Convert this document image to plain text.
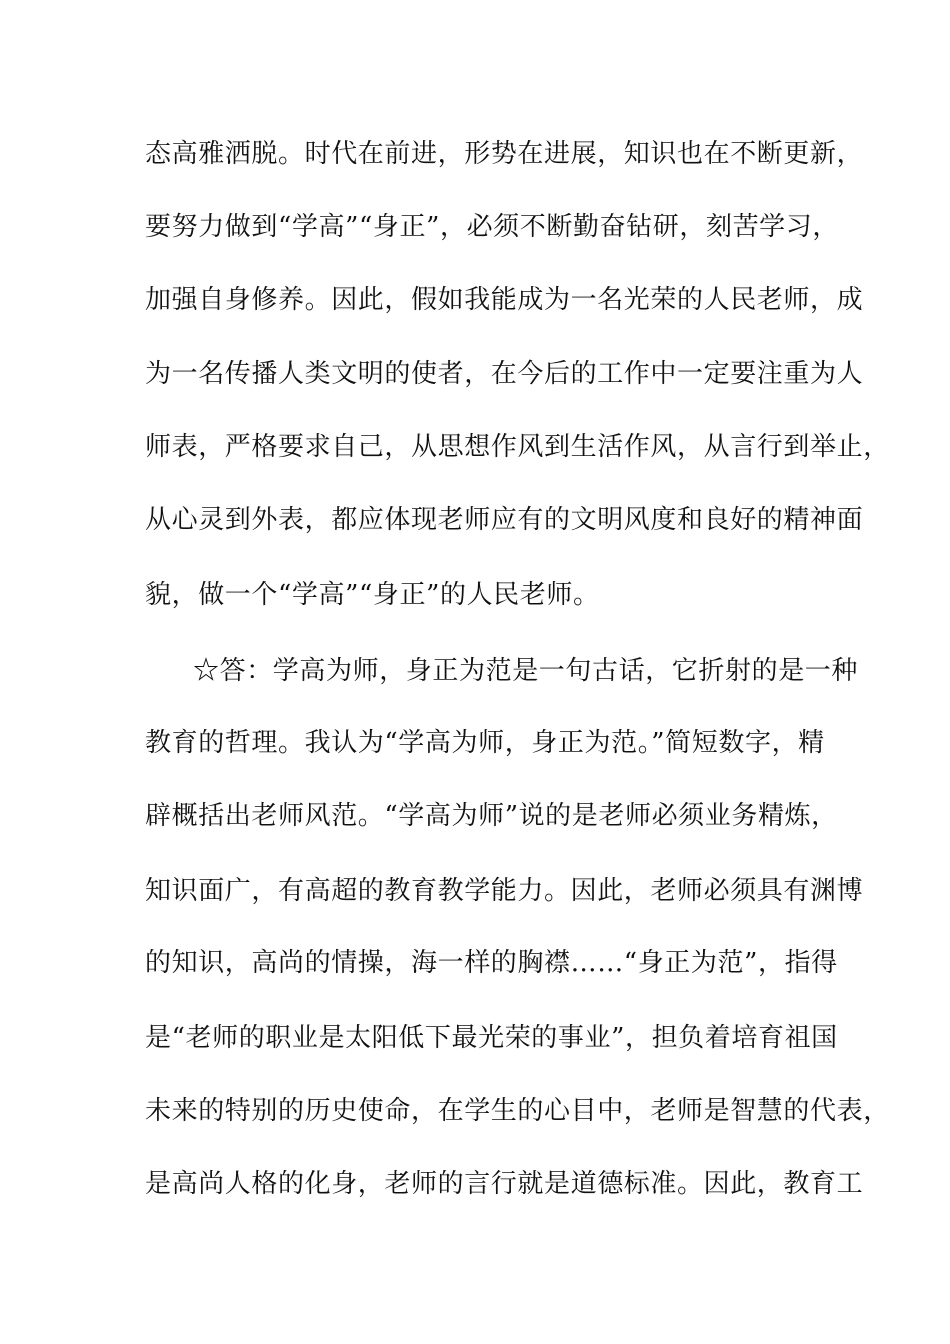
态高雅洒脱。时代在前进，形势在进展，知识也在不断更新，
要努力做到“学高”“身正”，必须不断勤奋钻研，刻苦学习，
加强自身修养。因此，假如我能成为一名光荣的人民老师，成
为一名传播人类文明的使者，在今后的工作中一定要注重为人
师表，严格要求自己，从思想作风到生活作风，从言行到举止，
从心灵到外表，都应体现老师应有的文明风度和良好的精神面
貌，做一个“学高”“身正”的人民老师。
☆答：学高为师，身正为范是一句古话，它折射的是一种
教育的哲理。我认为“学高为师，身正为范。”简短数字，精
辟概括出老师风范。“学高为师”说的是老师必须业务精炼，
知识面广，有高超的教育教学能力。因此，老师必须具有渊博
的知识，高尚的情操，海一样的胸襟……“身正为范”，指得
是“老师的职业是太阳低下最光荣的事业”，担负着培育祖国
未来的特别的历史使命，在学生的心目中，老师是智慧的代表，
是高尚人格的化身，老师的言行就是道德标准。因此，教育工
